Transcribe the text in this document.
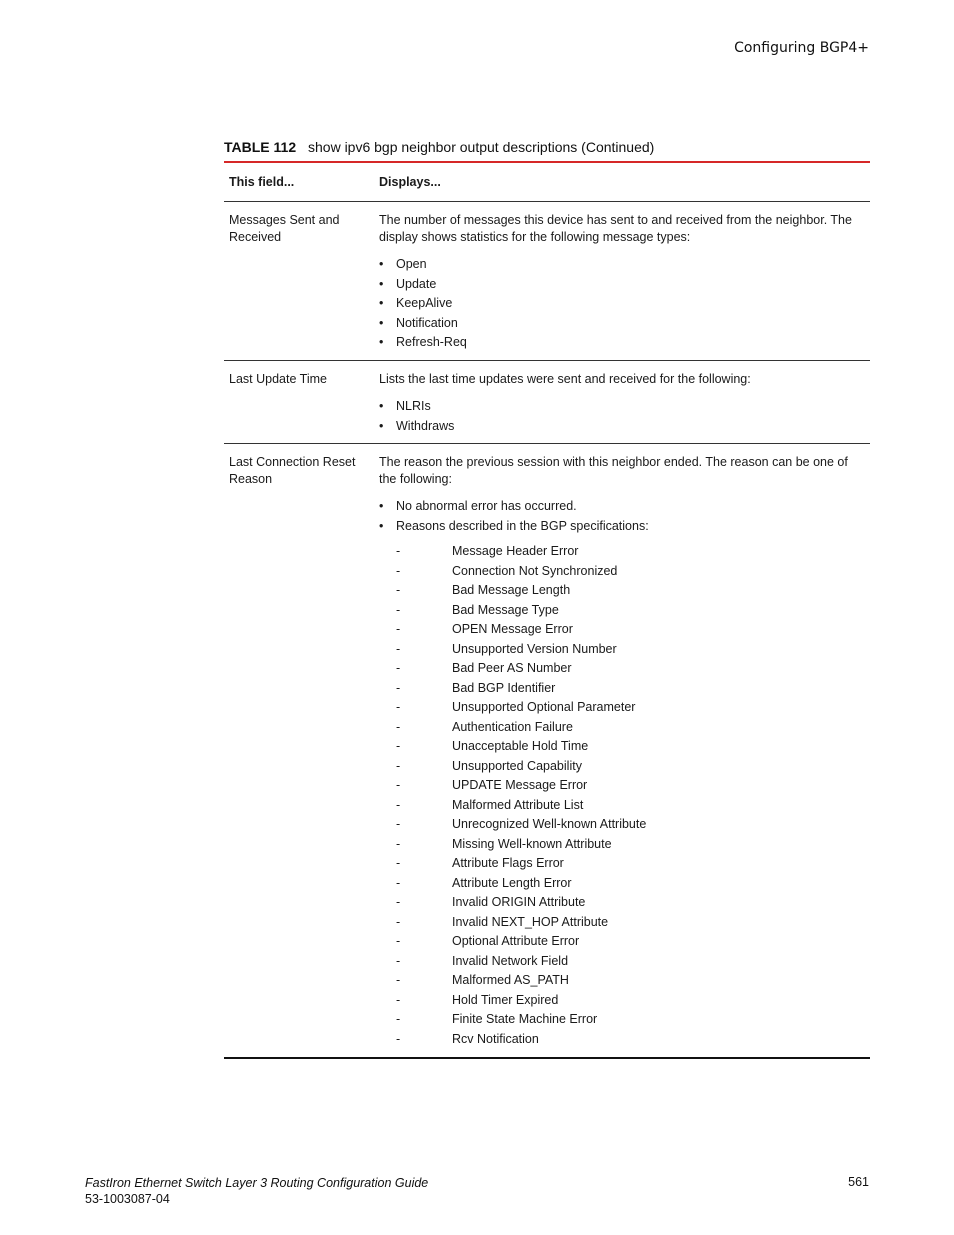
Configuring BGP4+
TABLE 112 show ipv6 bgp neighbor output descriptions (Continued)
This field...	Displays...
Messages Sent and Received
The number of messages this device has sent to and received from the neighbor. The display shows statistics for the following message types:
• Open
• Update
• KeepAlive
• Notification
• Refresh-Req
Last Update Time	Lists the last time updates were sent and received for the following:
• NLRIs
• Withdraws
Last Connection Reset Reason
The reason the previous session with this neighbor ended. The reason can be one of the following:
• No abnormal error has occurred.
• Reasons described in the BGP specifications:
- Message Header Error
- Connection Not Synchronized
- Bad Message Length
- Bad Message Type
- OPEN Message Error
- Unsupported Version Number
- Bad Peer AS Number
- Bad BGP Identifier
- Unsupported Optional Parameter
- Authentication Failure
- Unacceptable Hold Time
- Unsupported Capability
- UPDATE Message Error
- Malformed Attribute List
- Unrecognized Well-known Attribute
- Missing Well-known Attribute
- Attribute Flags Error
- Attribute Length Error
- Invalid ORIGIN Attribute
- Invalid NEXT_HOP Attribute
- Optional Attribute Error
- Invalid Network Field
- Malformed AS_PATH
- Hold Timer Expired
- Finite State Machine Error
- Rcv Notification
FastIron Ethernet Switch Layer 3 Routing Configuration Guide
53-1003087-04
561
